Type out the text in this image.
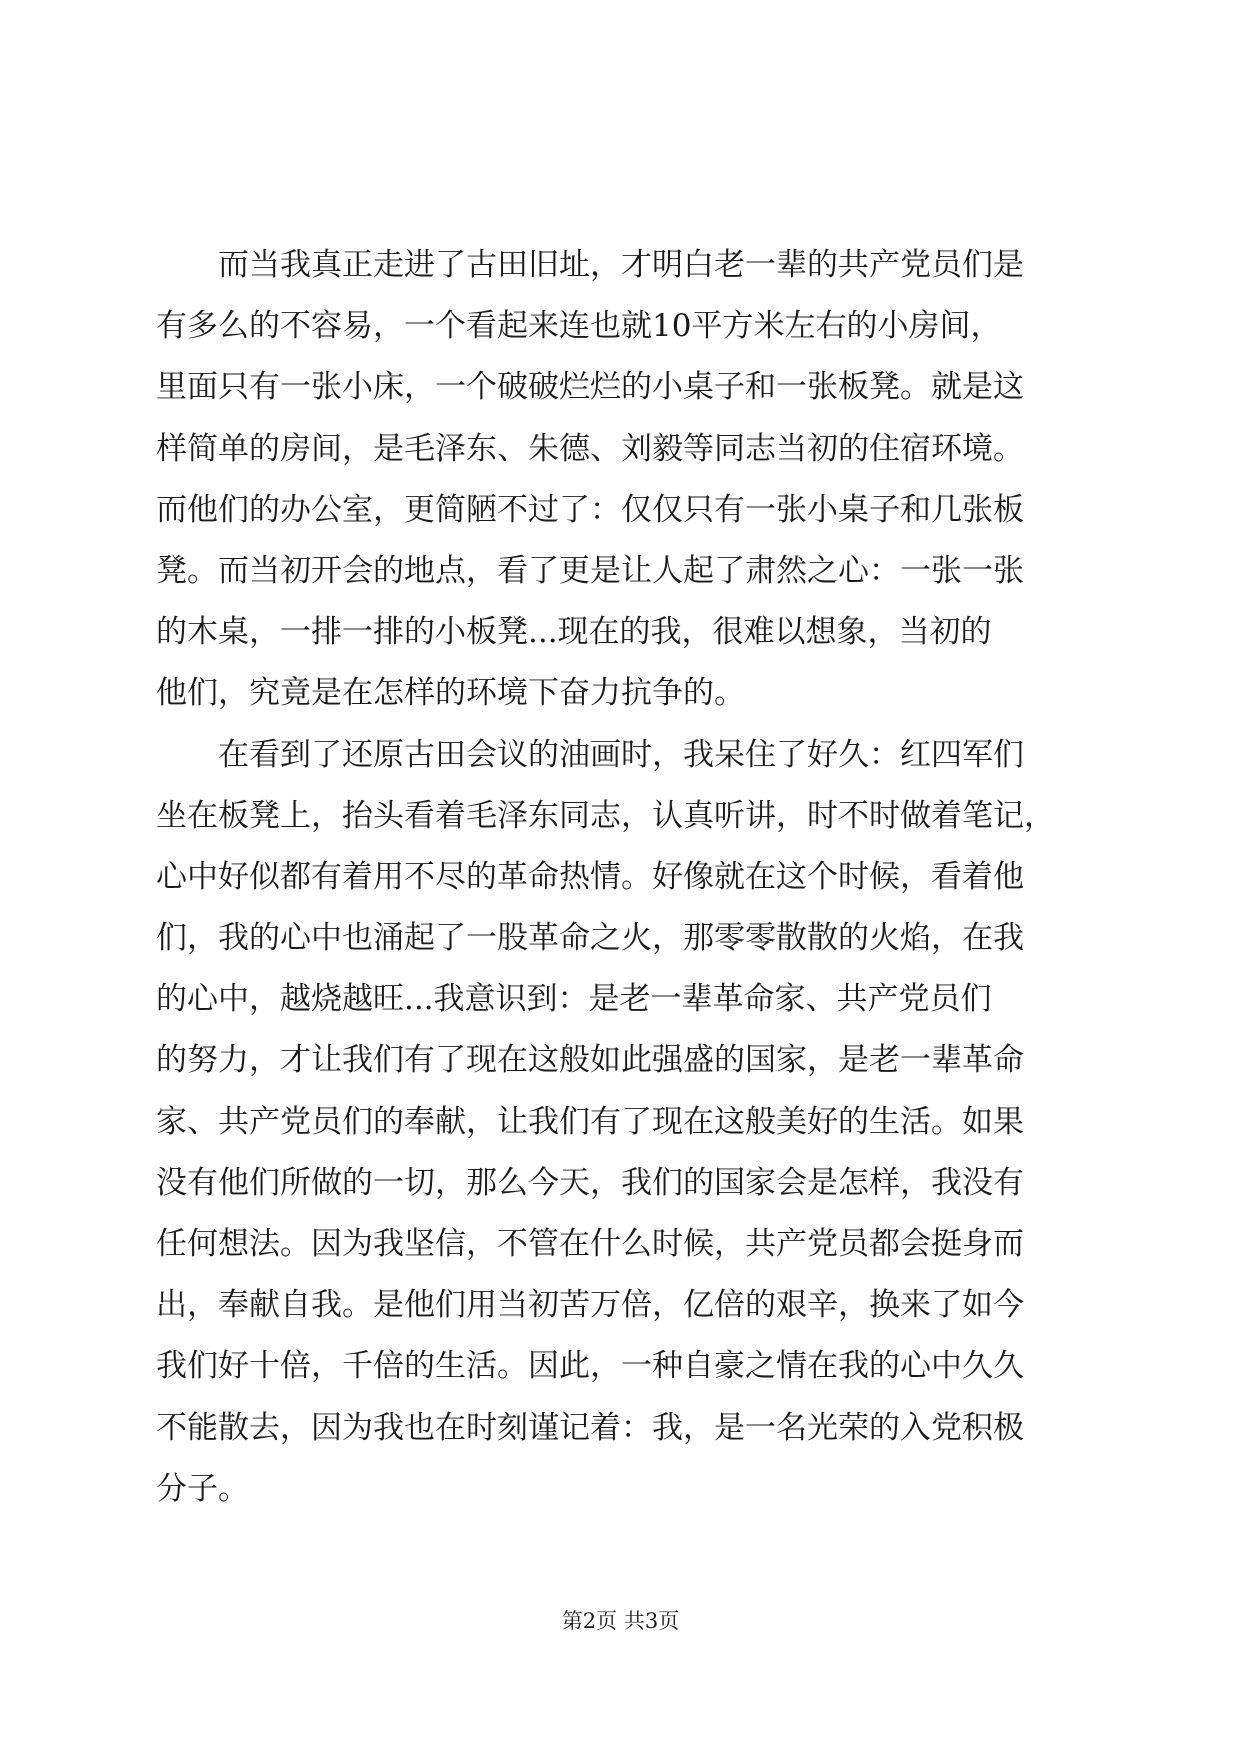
　　而当我真正走进了古田旧址，才明白老一辈的共产党员们是
有多么的不容易，一个看起来连也就10平方米左右的小房间，
里面只有一张小床，一个破破烂烂的小桌子和一张板凳。就是这
样简单的房间，是毛泽东、朱德、刘毅等同志当初的住宿环境。
而他们的办公室，更简陋不过了：仅仅只有一张小桌子和几张板
凳。而当初开会的地点，看了更是让人起了肃然之心：一张一张
的木桌，一排一排的小板凳...现在的我，很难以想象，当初的
他们，究竟是在怎样的环境下奋力抗争的。
　　在看到了还原古田会议的油画时，我呆住了好久：红四军们
坐在板凳上，抬头看着毛泽东同志，认真听讲，时不时做着笔记，
心中好似都有着用不尽的革命热情。好像就在这个时候，看着他
们，我的心中也涌起了一股革命之火，那零零散散的火焰，在我
的心中，越烧越旺...我意识到：是老一辈革命家、共产党员们
的努力，才让我们有了现在这般如此强盛的国家，是老一辈革命
家、共产党员们的奉献，让我们有了现在这般美好的生活。如果
没有他们所做的一切，那么今天，我们的国家会是怎样，我没有
任何想法。因为我坚信，不管在什么时候，共产党员都会挺身而
出，奉献自我。是他们用当初苦万倍，亿倍的艰辛，换来了如今
我们好十倍，千倍的生活。因此，一种自豪之情在我的心中久久
不能散去，因为我也在时刻谨记着：我，是一名光荣的入党积极
分子。
第2页 共3页
